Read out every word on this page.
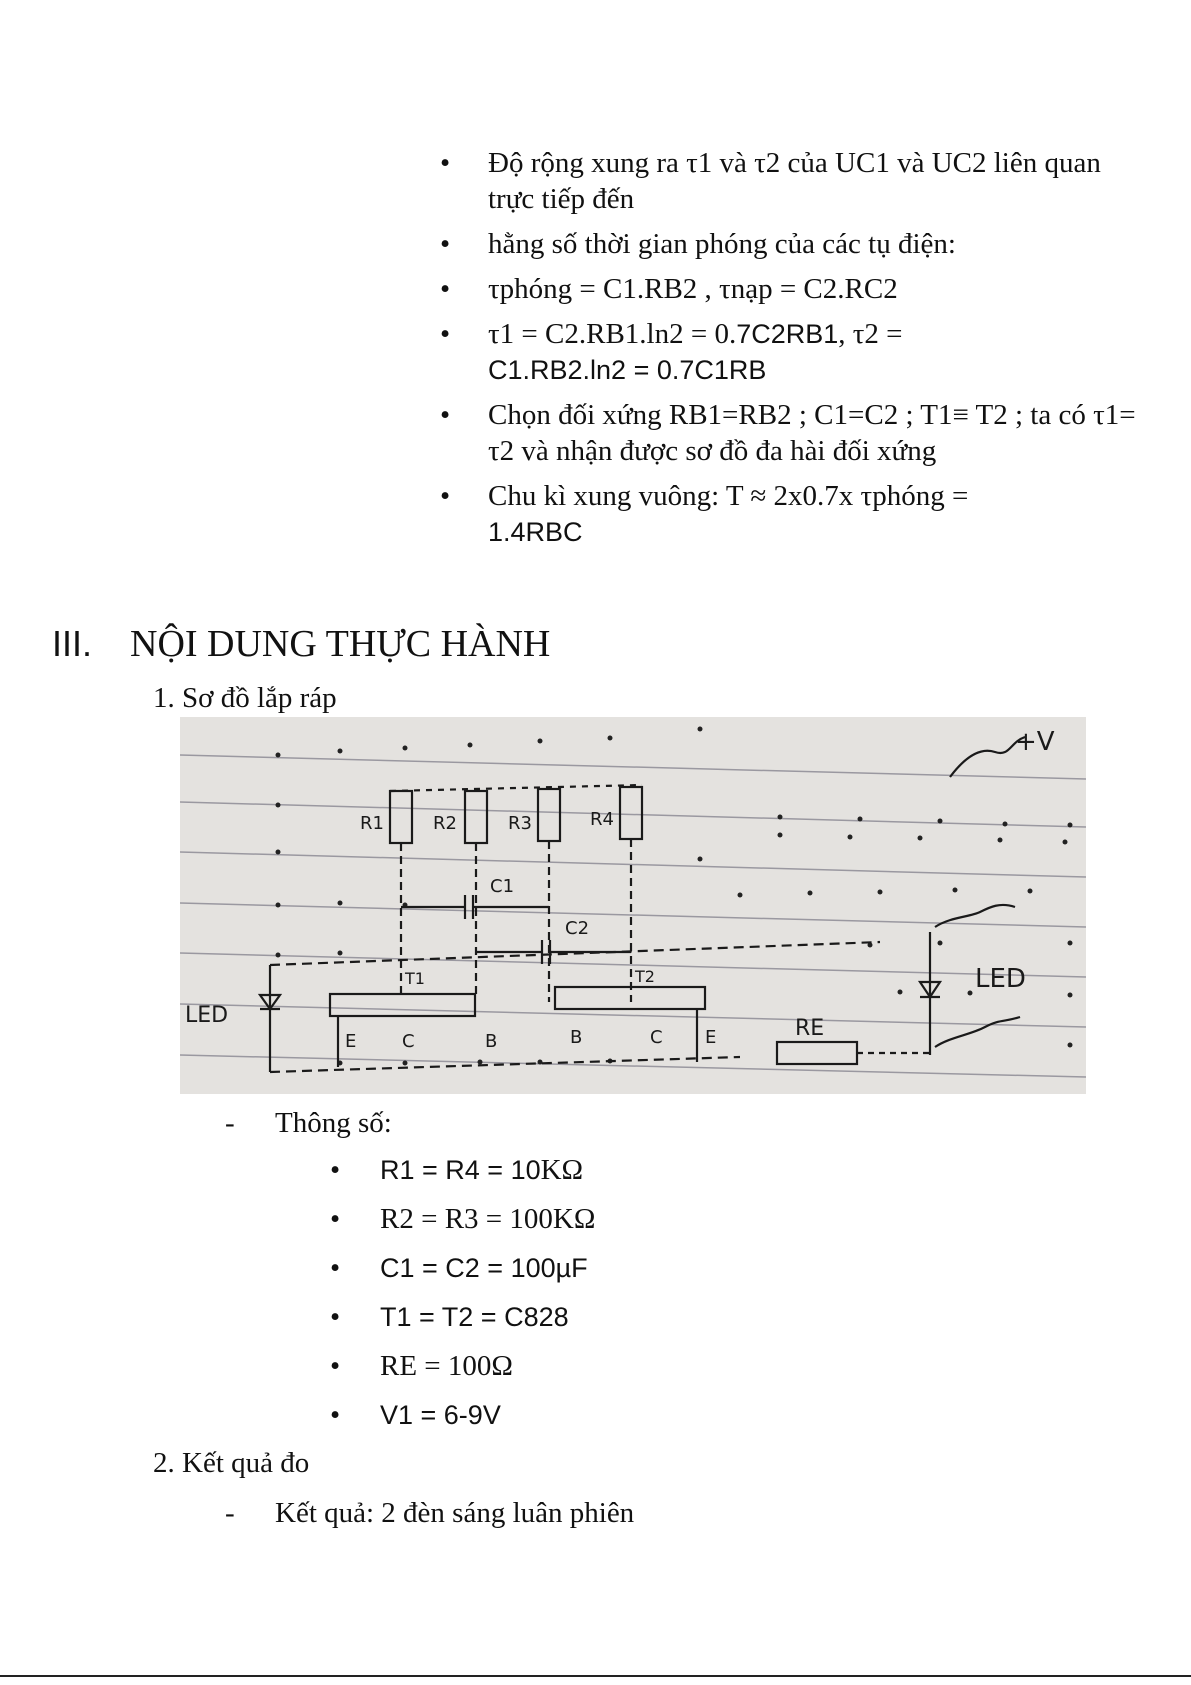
• Độ rộng xung ra τ1 và τ2 của UC1 và UC2 liên quan trực tiếp đến
• hằng số thời gian phóng của các tụ điện:
• τphóng = C1.RB2 , τnạp = C2.RC2
• τ1 = C2.RB1.ln2 = 0.7C2RB1, τ2 =
C1.RB2.ln2 = 0.7C1RB
• Chọn đối xứng RB1=RB2 ; C1=C2 ; T1≡ T2 ; ta có τ1= τ2 và nhận được sơ đồ đa hài đối xứng
• Chu kì xung vuông: T ≈ 2x0.7x τphóng =
1.4RBC
III. NỘI DUNG THỰC HÀNH
1. Sơ đồ lắp ráp
R1	R2	R3	R4
C1
C2
T1	T2
+V
LED
LED
RE
E	C	B	B	C E
- Thông số:
• R1 = R4 = 10KΩ
• R2 = R3 = 100KΩ
• C1 = C2 = 100µF
• T1 = T2 = C828
• RE = 100Ω
• V1 = 6-9V
2. Kết quả đo
- Kết quả: 2 đèn sáng luân phiên
